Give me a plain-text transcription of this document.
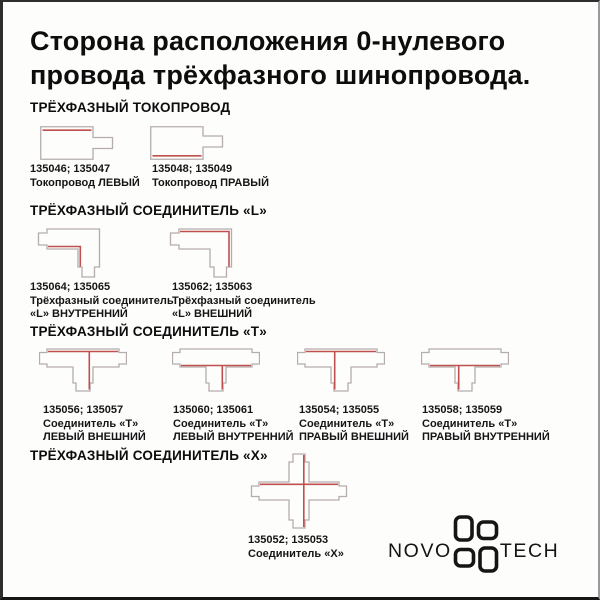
Сторона расположения 0-нулевого
провода трёхфазного шинопровода.
ТРЁХФАЗНЫЙ ТОКОПРОВОД
135046; 135047
Токопровод ЛЕВЫЙ
135048; 135049
Токопровод ПРАВЫЙ
ТРЁХФАЗНЫЙ СОЕДИНИТЕЛЬ «L»
135064; 135065
Трёхфазный соединитель
«L» ВНУТРЕННИЙ
135062; 135063
Трёхфазный соединитель
«L» ВНЕШНИЙ
ТРЁХФАЗНЫЙ СОЕДИНИТЕЛЬ «Т»
135056; 135057
Соединитель «Т»
ЛЕВЫЙ ВНЕШНИЙ
135060; 135061
Соединитель «Т»
ЛЕВЫЙ ВНУТРЕННИЙ
135054; 135055
Соединитель «Т»
ПРАВЫЙ ВНЕШНИЙ
135058; 135059
Соединитель «Т»
ПРАВЫЙ ВНУТРЕННИЙ
ТРЁХФАЗНЫЙ СОЕДИНИТЕЛЬ «Х»
135052; 135053
Соединитель «Х» NOVO TECH
